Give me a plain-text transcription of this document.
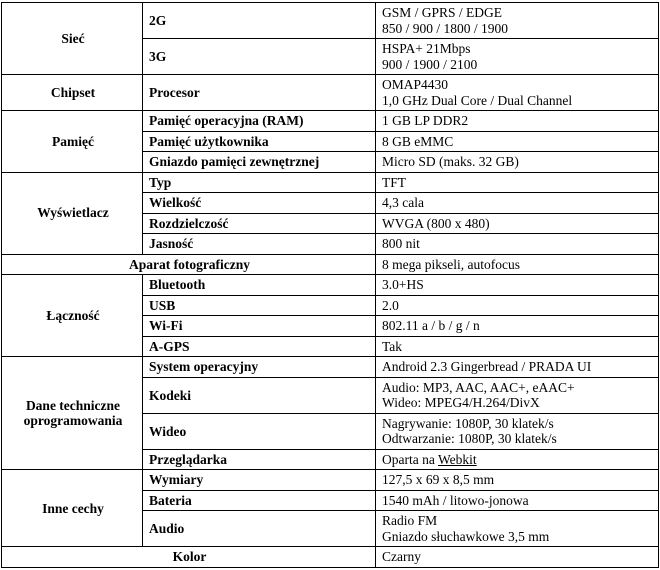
Sieć	2G	GSM / GPRS / EDGE
850 / 900 / 1800 / 1900

	3G	HSPA+ 21Mbps
900 / 1900 / 2100

Chipset	Procesor	OMAP4430
1,0 GHz Dual Core / Dual Channel

Pamięć	Pamięć operacyjna (RAM)	1 GB LP DDR2

	Pamięć użytkownika	8 GB eMMC

	Gniazdo pamięci zewnętrznej	Micro SD (maks. 32 GB)

Wyświetlacz	Typ	TFT

	Wielkość	4,3 cala

	Rozdzielczość	WVGA (800 x 480)

	Jasność	800 nit

Aparat fotograficzny		8 mega pikseli, autofocus

Łączność	Bluetooth	3.0+HS

	USB	2.0

	Wi-Fi	802.11 a / b / g / n

	A-GPS	Tak

Dane techniczne oprogramowania	System operacyjny	Android 2.3 Gingerbread / PRADA UI

	Kodeki	Audio: MP3, AAC, AAC+, eAAC+
Wideo: MPEG4/H.264/DivX

	Wideo	Nagrywanie: 1080P, 30 klatek/s
Odtwarzanie: 1080P, 30 klatek/s

	Przeglądarka	Oparta na Webkit

Inne cechy	Wymiary	127,5 x 69 x 8,5 mm

	Bateria	1540 mAh / litowo-jonowa

	Audio	Radio FM
Gniazdo słuchawkowe 3,5 mm

Kolor		Czarny
